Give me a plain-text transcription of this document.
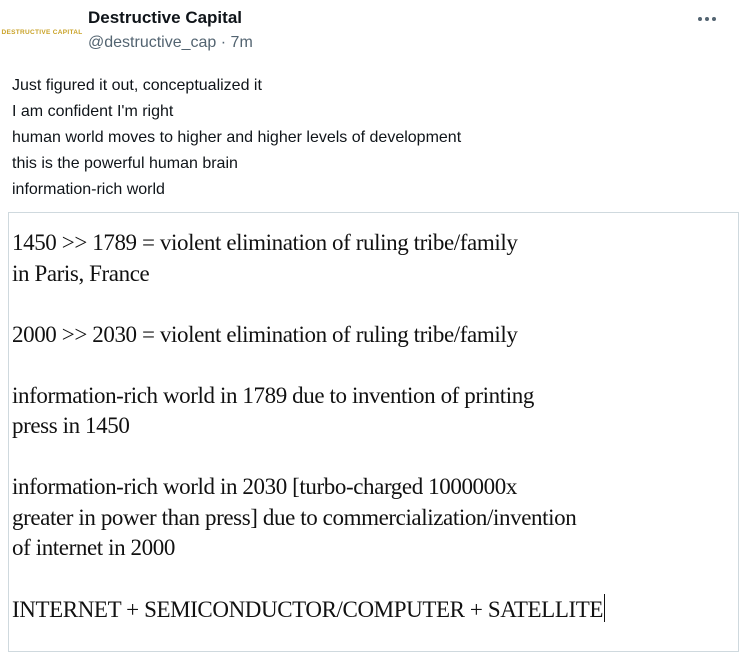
DESTRUCTIVE CAPITAL
Destructive Capital
@destructive_cap · 7m
Just figured it out, conceptualized it
I am confident I'm right
human world moves to higher and higher levels of development
this is the powerful human brain
information-rich world
1450 >> 1789 = violent elimination of ruling tribe/family
in Paris, France
2000 >> 2030 = violent elimination of ruling tribe/family
information-rich world in 1789 due to invention of printing
press in 1450
information-rich world in 2030 [turbo-charged 1000000x
greater in power than press] due to commercialization/invention
of internet in 2000
INTERNET + SEMICONDUCTOR/COMPUTER + SATELLITE
